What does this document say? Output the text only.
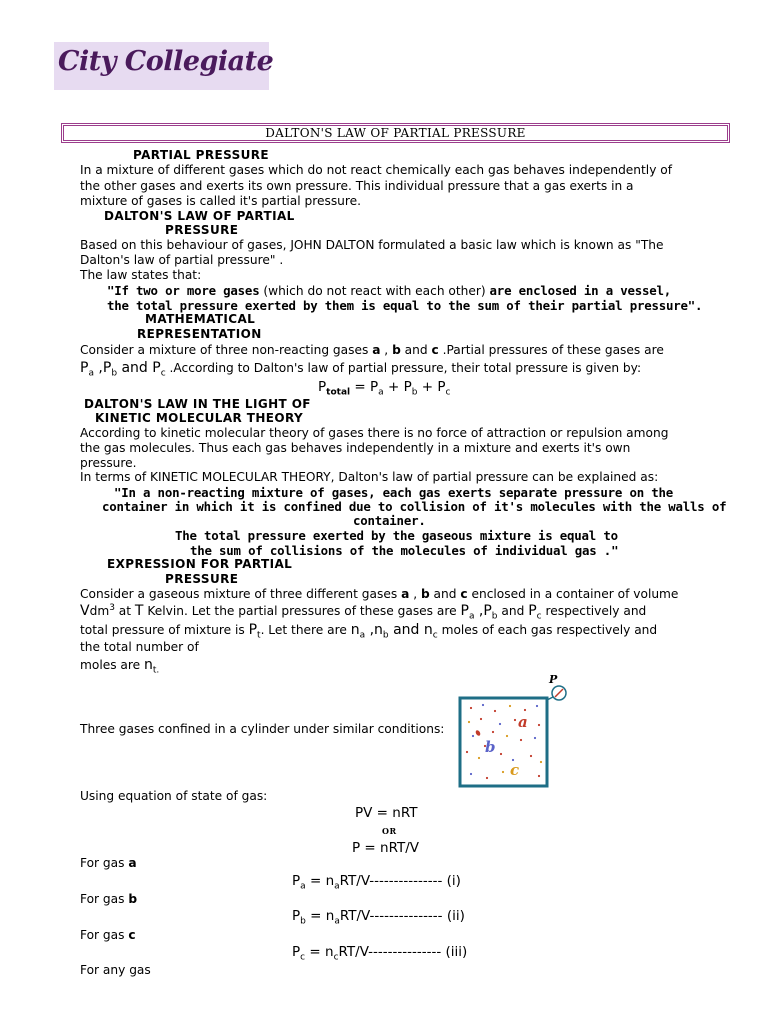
City Collegiate
DALTON'S LAW OF PARTIAL PRESSURE
PARTIAL PRESSURE
In a mixture of different gases which do not react chemically each gas behaves independently of
the other gases and exerts its own pressure. This individual pressure that a gas exerts in a
mixture of gases is called it's partial pressure.
DALTON'S LAW OF PARTIAL
PRESSURE
Based on this behaviour of gases, JOHN DALTON formulated a basic law which is known as "The
Dalton's law of partial pressure" .
The law states that:
"If two or more gases (which do not react with each other) are enclosed in a vessel,
the total pressure exerted by them is equal to the sum of their partial pressure".
MATHEMATICAL
REPRESENTATION
Consider a mixture of three non-reacting gases a , b and c .Partial pressures of these gases are
$P_a$ $,P_b$ and $P_c$ .According to Dalton's law of partial pressure, their total pressure is given by:
$P_{total} = P_a + P_b + P_c$
DALTON'S LAW IN THE LIGHT OF
KINETIC MOLECULAR THEORY
According to kinetic molecular theory of gases there is no force of attraction or repulsion among
the gas molecules. Thus each gas behaves independently in a mixture and exerts it's own
pressure.
In terms of KINETIC MOLECULAR THEORY, Dalton's law of partial pressure can be explained as:
"In a non-reacting mixture of gases, each gas exerts separate pressure on the
container in which it is confined due to collision of it's molecules with the walls of
container.
The total pressure exerted by the gaseous mixture is equal to
the sum of collisions of the molecules of individual gas ."
EXPRESSION FOR PARTIAL
PRESSURE
Consider a gaseous mixture of three different gases a , b and c enclosed in a container of volume
Vdm$^3$ at T Kelvin. Let the partial pressures of these gases are $P_a$ $,P_b$ and $P_c$ respectively and
total pressure of mixture is $P_t$. Let there are $n_a$ $,n_b$ and $n_c$ moles of each gas respectively and
the total number of
moles are $n_{t.}$
Three gases confined in a cylinder under similar conditions:
P
a
b
c
Using equation of state of gas:
PV = nRT
OR
P = nRT/V
For gas a
$P_a = n_aRT/V---------------$ (i)
For gas b
$P_b = n_aRT/V---------------$ (ii)
For gas c
$P_c = n_cRT/V---------------$ (iii)
For any gas
